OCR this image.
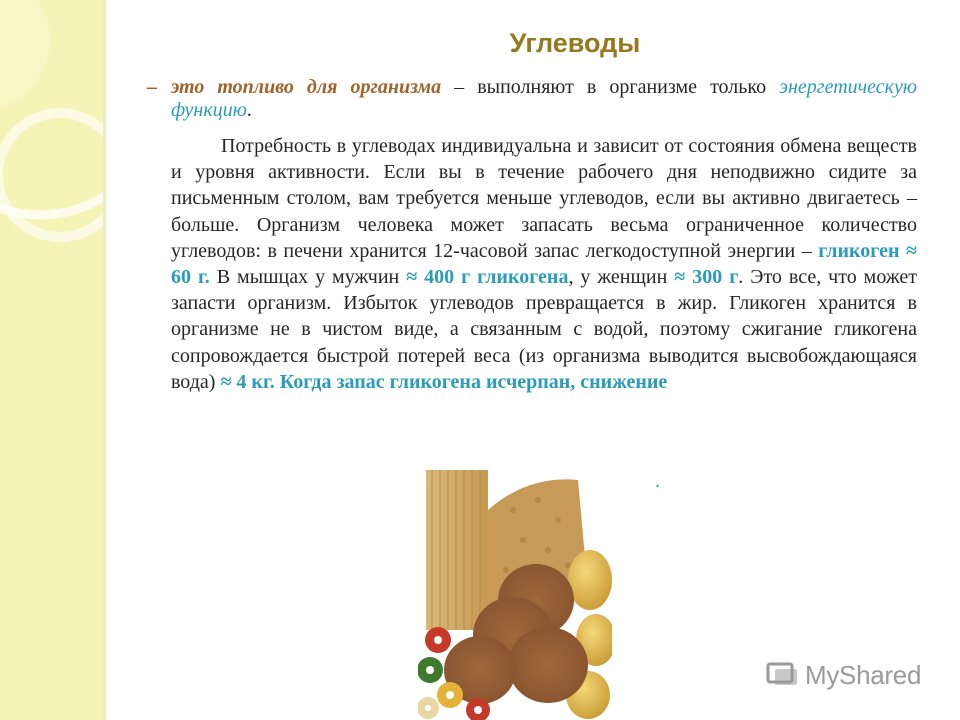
Углеводы
– это топливо для организма – выполняют в организме только энергетическую функцию.
Потребность в углеводах индивидуальна и зависит от состояния обмена веществ и уровня активности. Если вы в течение рабочего дня неподвижно сидите за письменным столом, вам требуется меньше углеводов, если вы активно двигаетесь – больше. Организм человека может запасать весьма ограниченное количество углеводов: в печени хранится 12-часовой запас легкодоступной энергии – гликоген ≈ 60 г. В мышцах у мужчин ≈ 400 г гликогена, у женщин ≈ 300 г. Это все, что может запасти организм. Избыток углеводов превращается в жир. Гликоген хранится в организме не в чистом виде, а связанным с водой, поэтому сжигание гликогена сопровождается быстрой потерей веса (из организма выводится высвобождающаяся вода) ≈ 4 кг. Когда запас гликогена исчерпан, снижение
.
MyShared
